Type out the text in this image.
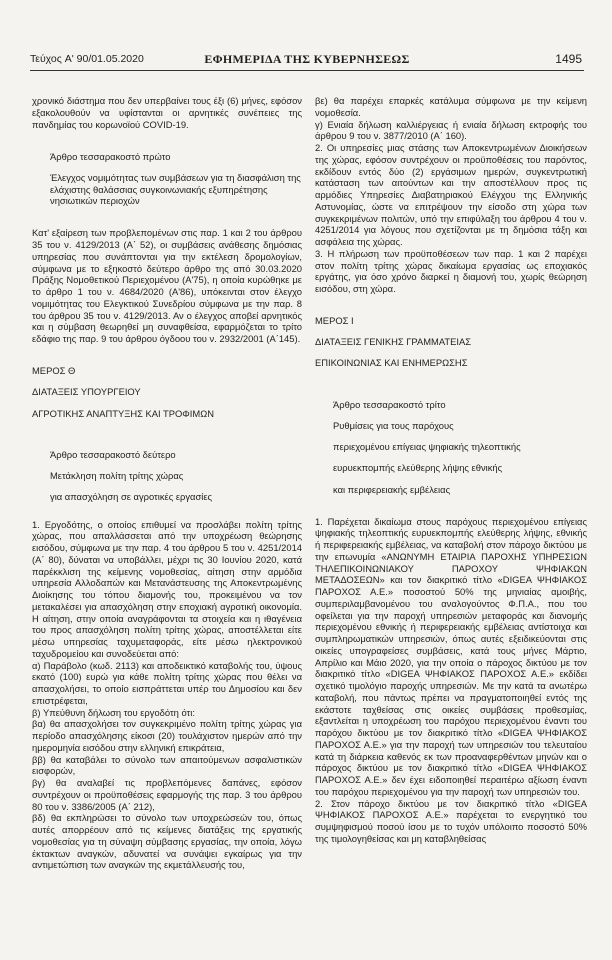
Τεύχος A' 90/01.05.2020	ΕΦΗΜΕΡΙΔΑ ΤΗΣ ΚΥΒΕΡΝΗΣΕΩΣ	1495

χρονικό διάστημα που δεν υπερβαίνει τους έξι (6) μήνες, εφόσον εξακολουθούν να υφίστανται οι αρνητικές συνέπειες της πανδημίας του κορωνοϊού COVID-19.

Άρθρο τεσσαρακοστό πρώτο

Έλεγχος νομιμότητας των συμβάσεων για τη διασφάλιση της ελάχιστης θαλάσσιας συγκοινωνιακής εξυπηρέτησης νησιωτικών περιοχών

Κατ' εξαίρεση των προβλεπομένων στις παρ. 1 και 2 του άρθρου 35 του ν. 4129/2013 (Α΄ 52), οι συμβάσεις ανάθεσης δημόσιας υπηρεσίας που συνάπτονται για την εκτέλεση δρομολογίων, σύμφωνα με το εξηκοστό δεύτερο άρθρο της από 30.03.2020 Πράξης Νομοθετικού Περιεχομένου (Α'75), η οποία κυρώθηκε με το άρθρο 1 του ν. 4684/2020 (Α'86), υπόκεινται στον έλεγχο νομιμότητας του Ελεγκτικού Συνεδρίου σύμφωνα με την παρ. 8 του άρθρου 35 του ν. 4129/2013. Αν ο έλεγχος αποβεί αρνητικός και η σύμβαση θεωρηθεί μη συναφθείσα, εφαρμόζεται το τρίτο εδάφιο της παρ. 9 του άρθρου όγδοου του ν. 2932/2001 (Α΄145).

ΜΕΡΟΣ Θ

ΔΙΑΤΑΞΕΙΣ ΥΠΟΥΡΓΕΙΟΥ

ΑΓΡΟΤΙΚΗΣ ΑΝΑΠΤΥΞΗΣ ΚΑΙ ΤΡΟΦΙΜΩΝ

Άρθρο τεσσαρακοστό δεύτερο

Μετάκληση πολίτη τρίτης χώρας

για απασχόληση σε αγροτικές εργασίες

1. Εργοδότης, ο οποίος επιθυμεί να προσλάβει πολίτη τρίτης χώρας, που απαλλάσσεται από την υποχρέωση θεώρησης εισόδου, σύμφωνα με την παρ. 4 του άρθρου 5 του ν. 4251/2014 (Α΄ 80), δύναται να υποβάλλει, μέχρι τις 30 Ιουνίου 2020, κατά παρέκκλιση της κείμενης νομοθεσίας, αίτηση στην αρμόδια υπηρεσία Αλλοδαπών και Μετανάστευσης της Αποκεντρωμένης Διοίκησης του τόπου διαμονής του, προκειμένου να τον μετακαλέσει για απασχόληση στην εποχιακή αγροτική οικονομία. Η αίτηση, στην οποία αναγράφονται τα στοιχεία και η ιθαγένεια του προς απασχόληση πολίτη τρίτης χώρας, αποστέλλεται είτε μέσω υπηρεσίας ταχυμεταφοράς, είτε μέσω ηλεκτρονικού ταχυδρομείου και συνοδεύεται από:

α) Παράβολο (κωδ. 2113) και αποδεικτικό καταβολής του, ύψους εκατό (100) ευρώ για κάθε πολίτη τρίτης χώρας που θέλει να απασχολήσει, το οποίο εισπράττεται υπέρ του Δημοσίου και δεν επιστρέφεται,

β) Υπεύθυνη δήλωση του εργοδότη ότι:

βα) θα απασχολήσει τον συγκεκριμένο πολίτη τρίτης χώρας για περίοδο απασχόλησης είκοσι (20) τουλάχιστον ημερών από την ημερομηνία εισόδου στην ελληνική επικράτεια,

ββ) θα καταβάλει το σύνολο των απαιτούμενων ασφαλιστικών εισφορών,

βγ) θα αναλαβεί τις προβλεπόμενες δαπάνες, εφόσον συντρέχουν οι προϋποθέσεις εφαρμογής της παρ. 3 του άρθρου 80 του ν. 3386/2005 (Α΄ 212),

βδ) θα εκπληρώσει το σύνολο των υποχρεώσεών του, όπως αυτές απορρέουν από τις κείμενες διατάξεις της εργατικής νομοθεσίας για τη σύναψη σύμβασης εργασίας, την οποία, λόγω έκτακτων αναγκών, αδυνατεί να συνάψει εγκαίρως για την αντιμετώπιση των αναγκών της εκμετάλλευσής του,

βε) θα παρέχει επαρκές κατάλυμα σύμφωνα με την κείμενη νομοθεσία.

γ) Ενιαία δήλωση καλλιέργειας ή ενιαία δήλωση εκτροφής του άρθρου 9 του ν. 3877/2010 (Α΄ 160).

2. Οι υπηρεσίες μιας στάσης των Αποκεντρωμένων Διοικήσεων της χώρας, εφόσον συντρέχουν οι προϋποθέσεις του παρόντος, εκδίδουν εντός δύο (2) εργάσιμων ημερών, συγκεντρωτική κατάσταση των αιτούντων και την αποστέλλουν προς τις αρμόδιες Υπηρεσίες Διαβατηριακού Ελέγχου της Ελληνικής Αστυνομίας, ώστε να επιτρέψουν την είσοδο στη χώρα των συγκεκριμένων πολιτών, υπό την επιφύλαξη του άρθρου 4 του ν. 4251/2014 για λόγους που σχετίζονται με τη δημόσια τάξη και ασφάλεια της χώρας.

3. Η πλήρωση των προϋποθέσεων των παρ. 1 και 2 παρέχει στον πολίτη τρίτης χώρας δικαίωμα εργασίας ως εποχιακός εργάτης, για όσο χρόνο διαρκεί η διαμονή του, χωρίς θεώρηση εισόδου, στη χώρα.

ΜΕΡΟΣ Ι

ΔΙΑΤΑΞΕΙΣ ΓΕΝΙΚΗΣ ΓΡΑΜΜΑΤΕΙΑΣ

ΕΠΙΚΟΙΝΩΝΙΑΣ ΚΑΙ ΕΝΗΜΕΡΩΣΗΣ

Άρθρο τεσσαρακοστό τρίτο

Ρυθμίσεις για τους παρόχους

περιεχομένου επίγειας ψηφιακής τηλεοπτικής

ευρυεκπομπής ελεύθερης λήψης εθνικής

και περιφερειακής εμβέλειας

1. Παρέχεται δικαίωμα στους παρόχους περιεχομένου επίγειας ψηφιακής τηλεοπτικής ευρυεκπομπής ελεύθερης λήψης, εθνικής ή περιφερειακής εμβέλειας, να καταβολή στον πάροχο δικτύου με την επωνυμία «ΑΝΩΝΥΜΗ ΕΤΑΙΡΙΑ ΠΑΡΟΧΗΣ ΥΠΗΡΕΣΙΩΝ ΤΗΛΕΠΙΚΟΙΝΩΝΙΑΚΟΥ ΠΑΡΟΧΟΥ ΨΗΦΙΑΚΩΝ ΜΕΤΑΔΟΣΕΩΝ» και τον διακριτικό τίτλο «DIGEA ΨΗΦΙΑΚΟΣ ΠΑΡΟΧΟΣ Α.Ε.» ποσοστού 50% της μηνιαίας αμοιβής, συμπεριλαμβανομένου του αναλογούντος Φ.Π.Α., που του οφείλεται για την παροχή υπηρεσιών μεταφοράς και διανομής περιεχομένου εθνικής ή περιφερειακής εμβέλειας αντίστοιχα και συμπληρωματικών υπηρεσιών, όπως αυτές εξειδικεύονται στις οικείες υπογραφείσες συμβάσεις, κατά τους μήνες Μάρτιο, Απρίλιο και Μάιο 2020, για την οποία ο πάροχος δικτύου με τον διακριτικό τίτλο «DIGEA ΨΗΦΙΑΚΟΣ ΠΑΡΟΧΟΣ Α.Ε.» εκδίδει σχετικό τιμολόγιο παροχής υπηρεσιών. Με την κατά τα ανωτέρω καταβολή, που πάντως πρέπει να πραγματοποιηθεί εντός της εκάστοτε ταχθείσας στις οικείες συμβάσεις προθεσμίας, εξαντλείται η υποχρέωση του παρόχου περιεχομένου έναντι του παρόχου δικτύου με τον διακριτικό τίτλο «DIGEA ΨΗΦΙΑΚΟΣ ΠΑΡΟΧΟΣ Α.Ε.» για την παροχή των υπηρεσιών του τελευταίου κατά τη διάρκεια καθενός εκ των προαναφερθέντων μηνών και ο πάροχος δικτύου με τον διακριτικό τίτλο «DIGEA ΨΗΦΙΑΚΟΣ ΠΑΡΟΧΟΣ Α.Ε.» δεν έχει ειδοποιηθεί περαιτέρω αξίωση έναντι του παρόχου περιεχομένου για την παροχή των υπηρεσιών του.

2. Στον πάροχο δικτύου με τον διακριτικό τίτλο «DIGEA ΨΗΦΙΑΚΟΣ ΠΑΡΟΧΟΣ Α.Ε.» παρέχεται το ενεργητικό του συμψηφισμού ποσού ίσου με το τυχόν υπόλοιπο ποσοστό 50% της τιμολογηθείσας και μη καταβληθείσας
